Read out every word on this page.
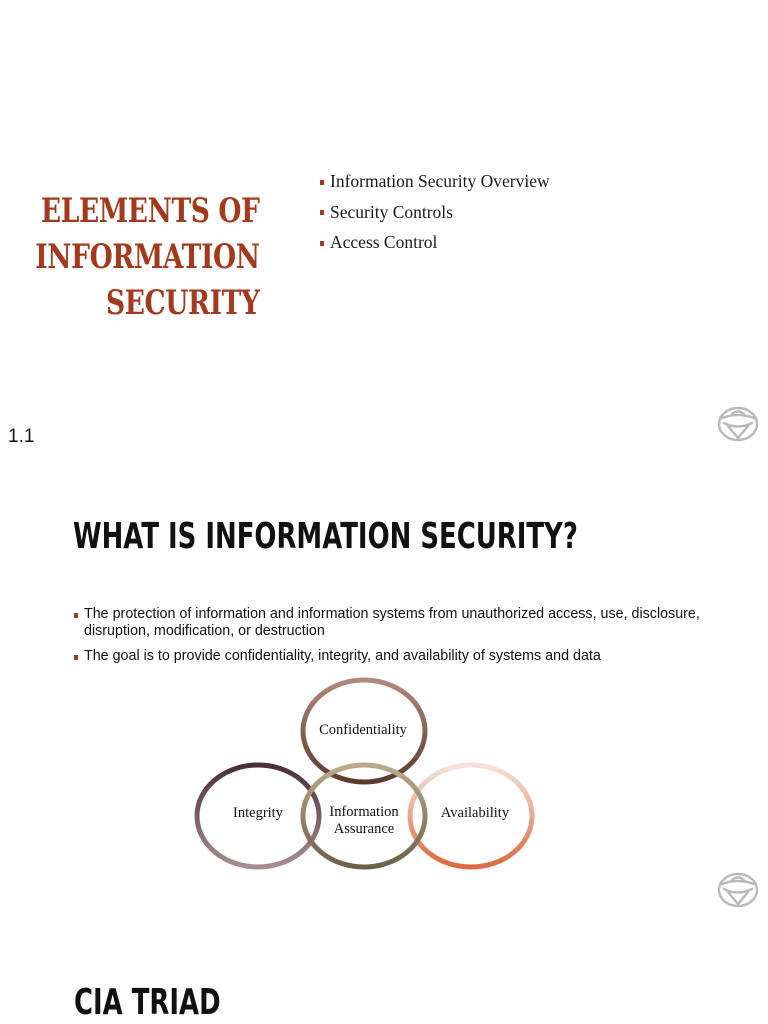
ELEMENTS OF
INFORMATION
SECURITY
Information Security Overview
Security Controls
Access Control

1.1

WHAT IS INFORMATION SECURITY?
The protection of information and information systems from unauthorized access, use, disclosure, disruption, modification, or destruction
The goal is to provide confidentiality, integrity, and availability of systems and data
Confidentiality
Integrity	Information
Assurance
Availability
CIA TRIAD
